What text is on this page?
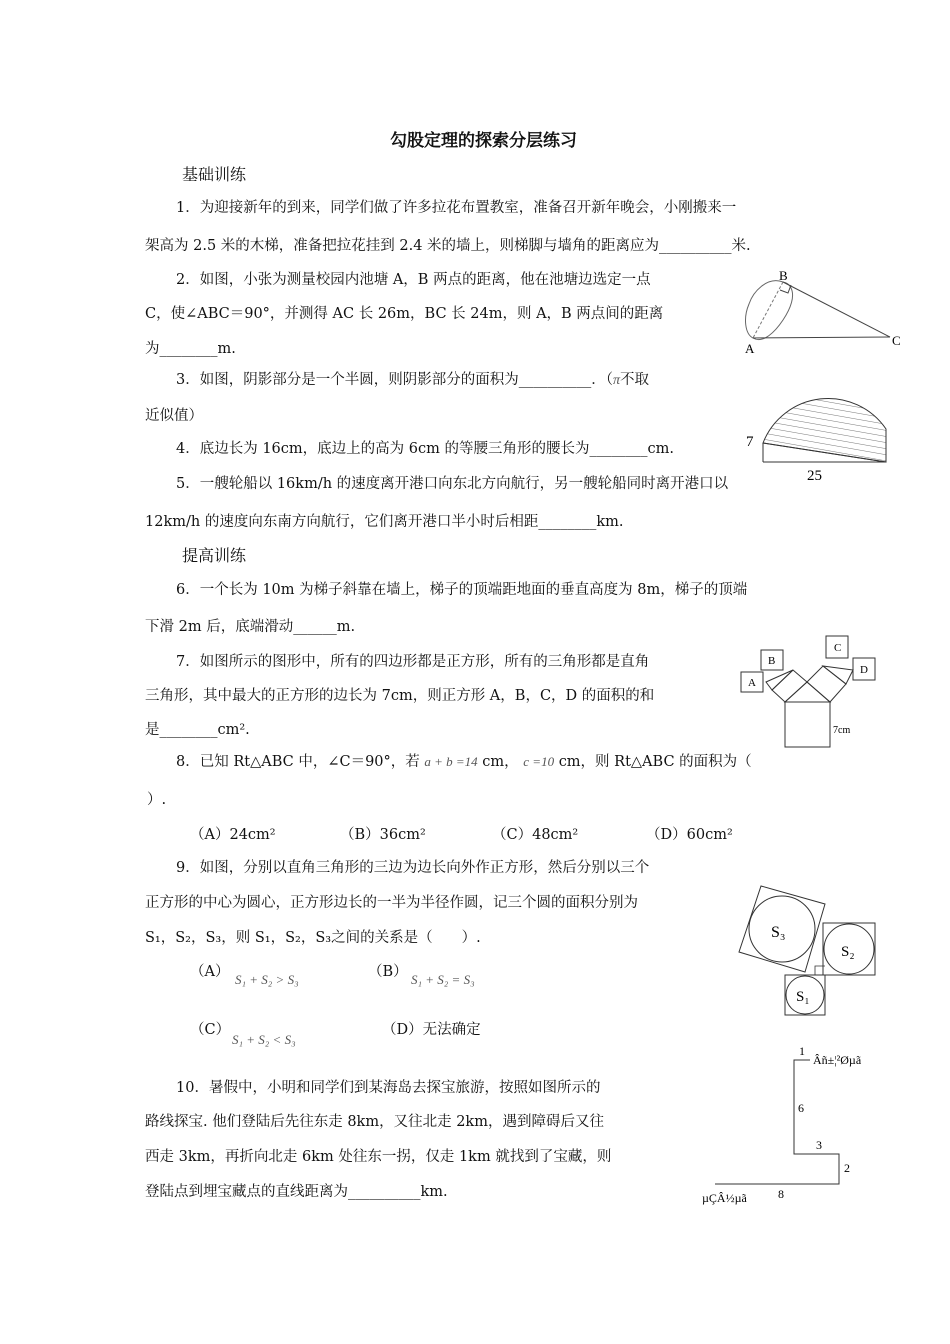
勾股定理的探索分层练习
基础训练
1．为迎接新年的到来，同学们做了许多拉花布置教室，准备召开新年晚会，小刚搬来一
架高为 2.5 米的木梯，准备把拉花挂到 2.4 米的墙上，则梯脚与墙角的距离应为__________米.
2．如图，小张为测量校园内池塘 A，B 两点的距离，他在池塘边选定一点
C，使∠ABC＝90°，并测得 AC 长 26m，BC 长 24m，则 A，B 两点间的距离
为________m.
3．如图，阴影部分是一个半圆，则阴影部分的面积为__________．（π不取
近似值）
4．底边长为 16cm，底边上的高为 6cm 的等腰三角形的腰长为________cm.
5．一艘轮船以 16km/h 的速度离开港口向东北方向航行，另一艘轮船同时离开港口以
12km/h 的速度向东南方向航行，它们离开港口半小时后相距________km.
提高训练
6．一个长为 10m 为梯子斜靠在墙上，梯子的顶端距地面的垂直高度为 8m，梯子的顶端
下滑 2m 后，底端滑动______m.
7．如图所示的图形中，所有的四边形都是正方形，所有的三角形都是直角
三角形，其中最大的正方形的边长为 7cm，则正方形 A，B，C，D 的面积的和
是________cm².
8．已知 Rt△ABC 中，∠C＝90°，若 a + b =14 cm， c =10 cm，则 Rt△ABC 的面积为（
）.
（A）24cm²	（B）36cm²	（C）48cm²	（D）60cm²
9．如图，分别以直角三角形的三边为边长向外作正方形，然后分别以三个
正方形的中心为圆心，正方形边长的一半为半径作圆，记三个圆的面积分别为
S₁，S₂，S₃，则 S₁，S₂，S₃之间的关系是（　　）.
（A） S₁ + S₂ > S₃	（B） S₁ + S₂ = S₃
（C）
S₁ + S₂ < S₃
（D）无法确定
10．暑假中，小明和同学们到某海岛去探宝旅游，按照如图所示的
路线探宝. 他们登陆后先往东走 8km，又往北走 2km，遇到障碍后又往
西走 3km，再折向北走 6km 处往东一拐，仅走 1km 就找到了宝藏，则
登陆点到埋宝藏点的直线距离为__________km.
B
A
C
7
25
A
B
C
D
7cm
S₃
S₂
S₁
1
Âñ±¦²Øµã
6
3
2
µÇÂ½µã	8
